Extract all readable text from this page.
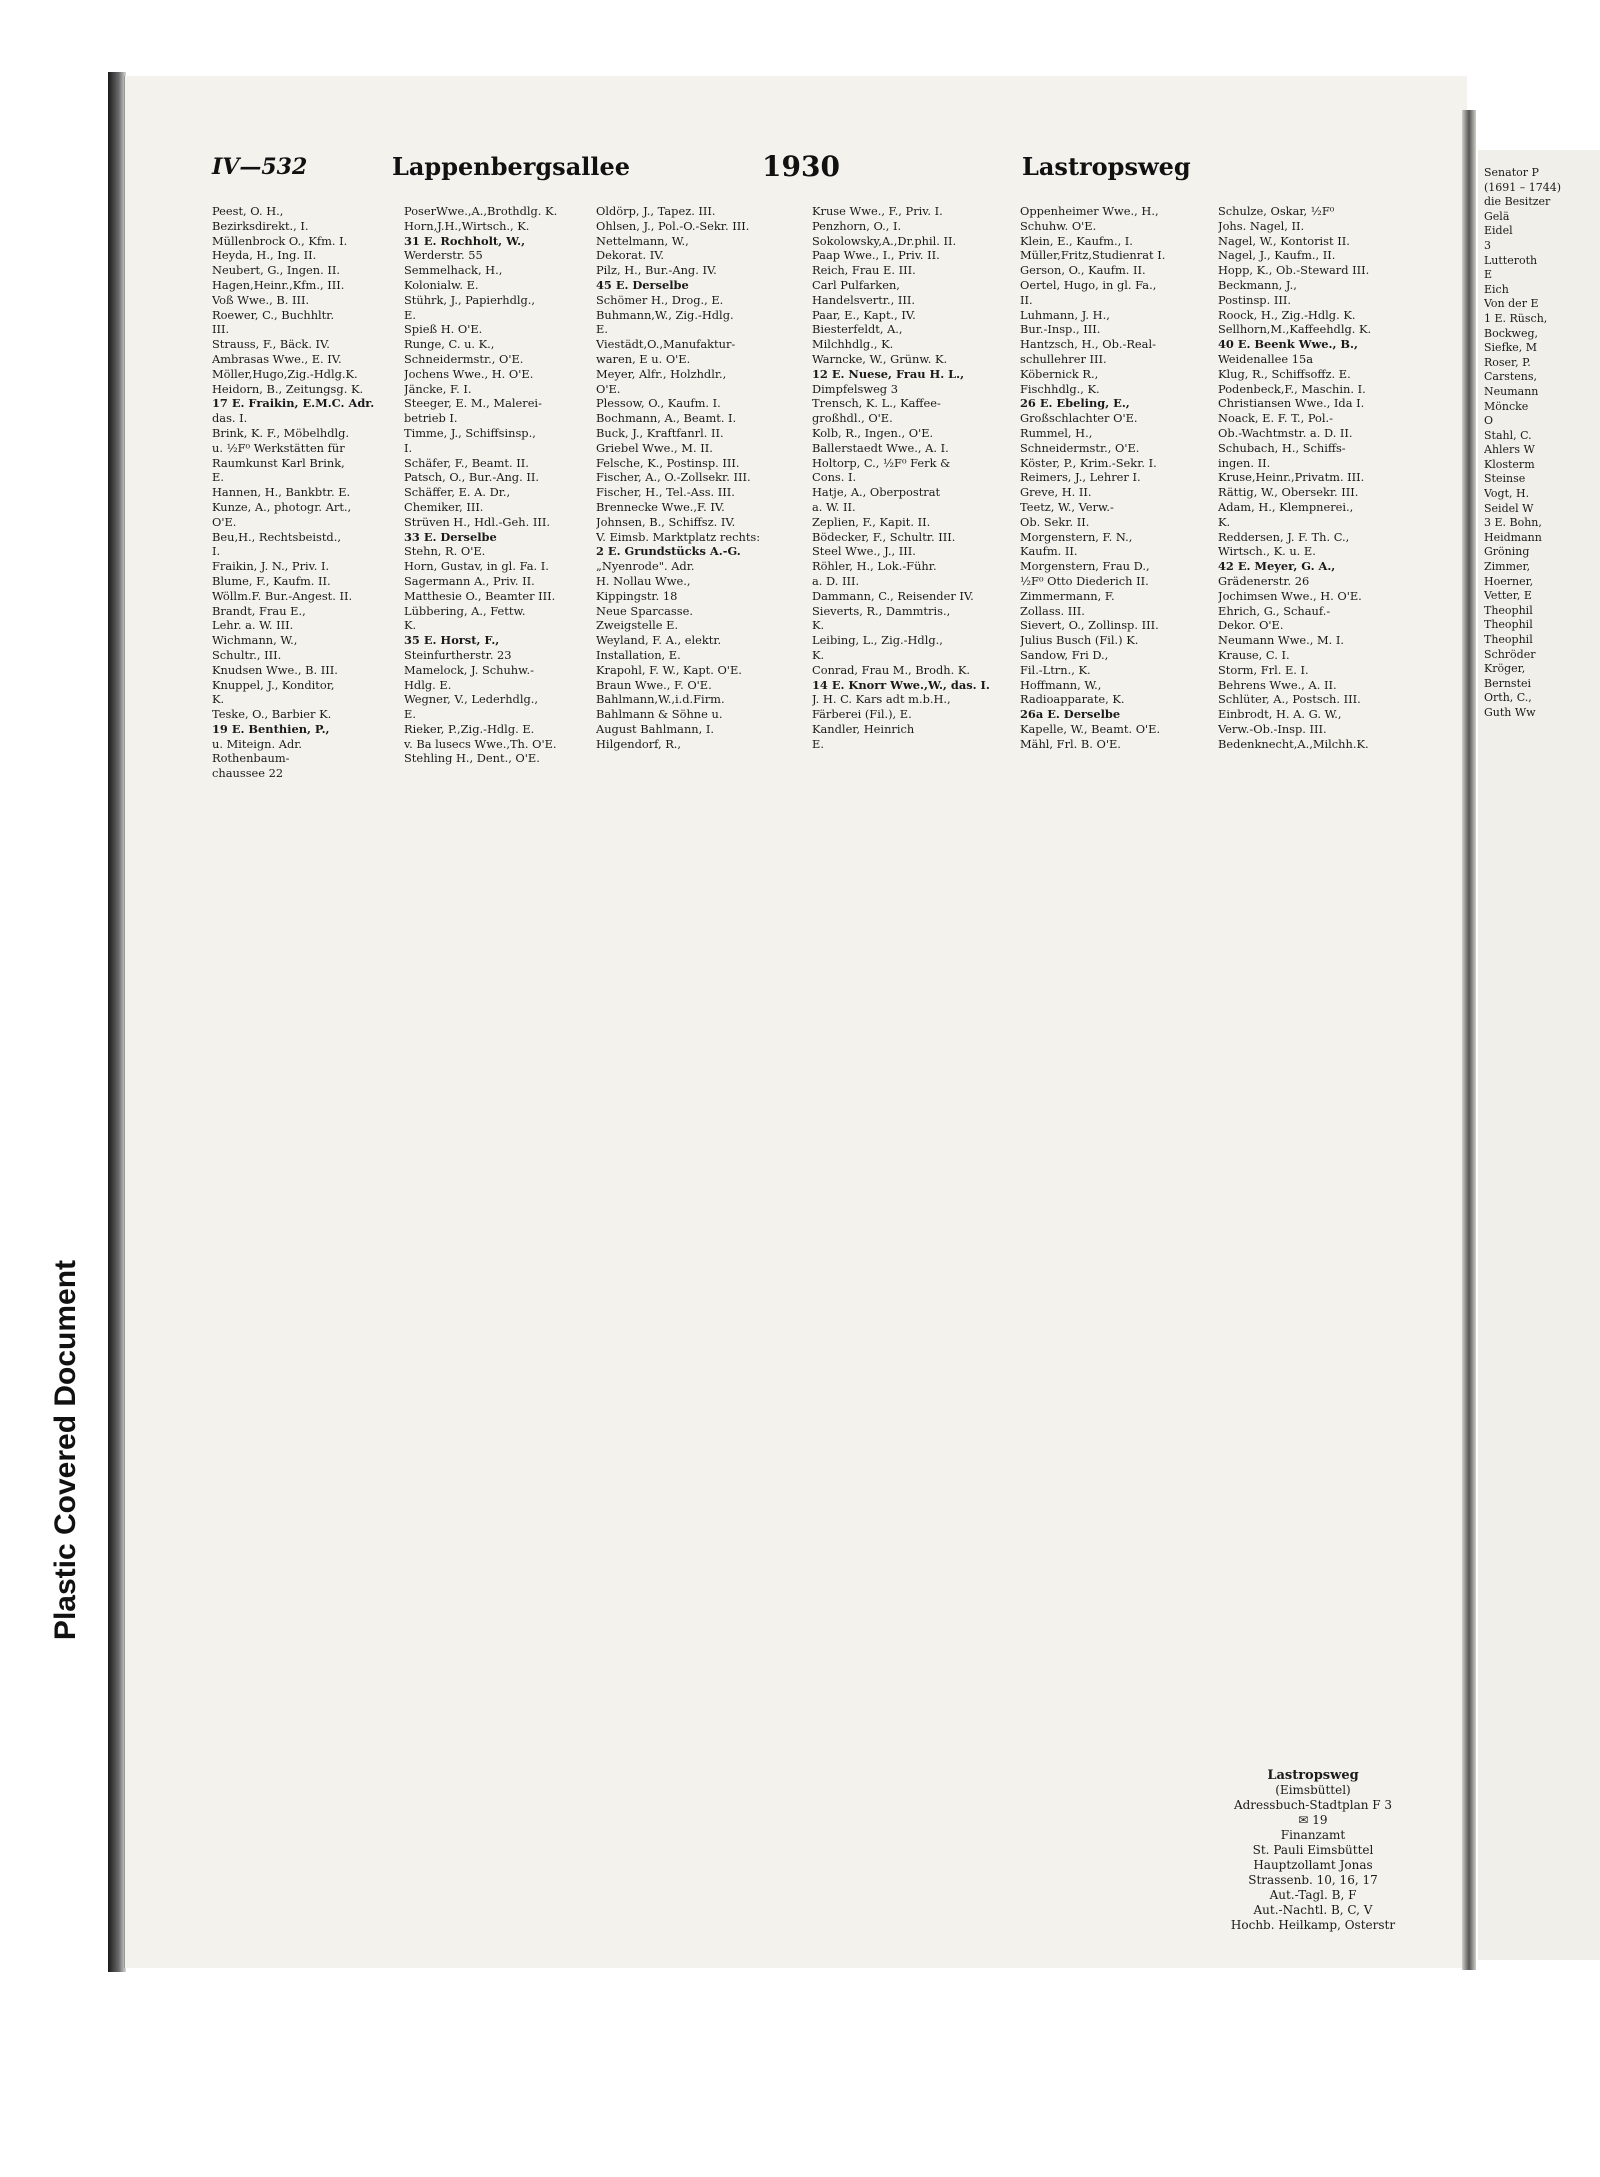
Plastic Covered Document
Senator P
(1691 – 1744)
die Besitzer
Gelä
Eidel
3
Lutteroth
E
Eich
Von der E
1 E. Rüsch,
Bockweg,
Siefke, M
Roser, P.
Carstens,
Neumann
Möncke
O
Stahl, C.
Ahlers W
Klosterm
Steinse
Vogt, H.
Seidel W
3 E. Bohn,
Heidmann
Gröning
Zimmer,
Hoerner,
Vetter, E
Theophil
Theophil
Theophil
Schröder
Kröger,
Bernstei
Orth, C.,
Guth Ww
IV—532	Lappenbergsallee	1930	Lastropsweg
Peest, O. H.,
Bezirksdirekt., I.
Müllenbrock O., Kfm. I.
Heyda, H., Ing. II.
Neubert, G., Ingen. II.
Hagen,Heinr.,Kfm., III.
Voß Wwe., B. III.
Roewer, C., Buchhltr.
III.
Strauss, F., Bäck. IV.
Ambrasas Wwe., E. IV.
Möller,Hugo,Zig.-Hdlg.K.
Heidorn, B., Zeitungsg. K.
17 E. Fraikin, E.M.C. Adr.
das. I.
Brink, K. F., Möbelhdlg.
u. ½F⁰ Werkstätten für
Raumkunst Karl Brink,
E.
Hannen, H., Bankbtr. E.
Kunze, A., photogr. Art.,
O'E.
Beu,H., Rechtsbeistd.,
I.
Fraikin, J. N., Priv. I.
Blume, F., Kaufm. II.
Wöllm.F. Bur.-Angest. II.
Brandt, Frau E.,
Lehr. a. W. III.
Wichmann, W.,
Schultr., III.
Knudsen Wwe., B. III.
Knuppel, J., Konditor,
K.
Teske, O., Barbier K.
19 E. Benthien, P.,
u. Miteign. Adr.
Rothenbaum-
chaussee 22
PoserWwe.,A.,Brothdlg. K.
Horn,J.H.,Wirtsch., K.
31 E. Rochholt, W.,
Werderstr. 55
Semmelhack, H.,
Kolonialw. E.
Stührk, J., Papierhdlg.,
E.
Spieß H. O'E.
Runge, C. u. K.,
Schneidermstr., O'E.
Jochens Wwe., H. O'E.
Jäncke, F. I.
Steeger, E. M., Malerei-
betrieb I.
Timme, J., Schiffsinsp.,
I.
Schäfer, F., Beamt. II.
Patsch, O., Bur.-Ang. II.
Schäffer, E. A. Dr.,
Chemiker, III.
Strüven H., Hdl.-Geh. III.
33 E. Derselbe
Stehn, R. O'E.
Horn, Gustav, in gl. Fa. I.
Sagermann A., Priv. II.
Matthesie O., Beamter III.
Lübbering, A., Fettw.
K.
35 E. Horst, F.,
Steinfurtherstr. 23
Mamelock, J. Schuhw.-
Hdlg. E.
Wegner, V., Lederhdlg.,
E.
Rieker, P.,Zig.-Hdlg. E.
v. Ba lusecs Wwe.,Th. O'E.
Stehling H., Dent., O'E.
Oldörp, J., Tapez. III.
Ohlsen, J., Pol.-O.-Sekr. III.
Nettelmann, W.,
Dekorat. IV.
Pilz, H., Bur.-Ang. IV.
45 E. Derselbe
Schömer H., Drog., E.
Buhmann,W., Zig.-Hdlg.
E.
Viestädt,O.,Manufaktur-
waren, E u. O'E.
Meyer, Alfr., Holzhdlr.,
O'E.
Plessow, O., Kaufm. I.
Bochmann, A., Beamt. I.
Buck, J., Kraftfanrl. II.
Griebel Wwe., M. II.
Felsche, K., Postinsp. III.
Fischer, A., O.-Zollsekr. III.
Fischer, H., Tel.-Ass. III.
Brennecke Wwe.,F. IV.
Johnsen, B., Schiffsz. IV.
V. Eimsb. Marktplatz rechts:
2 E. Grundstücks A.-G.
„Nyenrode". Adr.
H. Nollau Wwe.,
Kippingstr. 18
Neue Sparcasse.
Zweigstelle E.
Weyland, F. A., elektr.
Installation, E.
Krapohl, F. W., Kapt. O'E.
Braun Wwe., F. O'E.
Bahlmann,W.,i.d.Firm.
Bahlmann & Söhne u.
August Bahlmann, I.
Hilgendorf, R.,
Kruse Wwe., F., Priv. I.
Penzhorn, O., I.
Sokolowsky,A.,Dr.phil. II.
Paap Wwe., I., Priv. II.
Reich, Frau E. III.
Carl Pulfarken,
Handelsvertr., III.
Paar, E., Kapt., IV.
Biesterfeldt, A.,
Milchhdlg., K.
Warncke, W., Grünw. K.
12 E. Nuese, Frau H. L.,
Dimpfelsweg 3
Trensch, K. L., Kaffee-
großhdl., O'E.
Kolb, R., Ingen., O'E.
Ballerstaedt Wwe., A. I.
Holtorp, C., ½F⁰ Ferk &
Cons. I.
Hatje, A., Oberpostrat
a. W. II.
Zeplien, F., Kapit. II.
Bödecker, F., Schultr. III.
Steel Wwe., J., III.
Röhler, H., Lok.-Führ.
a. D. III.
Dammann, C., Reisender IV.
Sieverts, R., Dammtris.,
K.
Leibing, L., Zig.-Hdlg.,
K.
Conrad, Frau M., Brodh. K.
14 E. Knorr Wwe.,W., das. I.
J. H. C. Kars adt m.b.H.,
Färberei (Fil.), E.
Kandler, Heinrich
E.
Oppenheimer Wwe., H.,
Schuhw. O'E.
Klein, E., Kaufm., I.
Müller,Fritz,Studienrat I.
Gerson, O., Kaufm. II.
Oertel, Hugo, in gl. Fa.,
II.
Luhmann, J. H.,
Bur.-Insp., III.
Hantzsch, H., Ob.-Real-
schullehrer III.
Köbernick R.,
Fischhdlg., K.
26 E. Ebeling, E.,
Großschlachter O'E.
Rummel, H.,
Schneidermstr., O'E.
Köster, P., Krim.-Sekr. I.
Reimers, J., Lehrer I.
Greve, H. II.
Teetz, W., Verw.-
Ob. Sekr. II.
Morgenstern, F. N.,
Kaufm. II.
Morgenstern, Frau D.,
½F⁰ Otto Diederich II.
Zimmermann, F.
Zollass. III.
Sievert, O., Zollinsp. III.
Julius Busch (Fil.) K.
Sandow, Fri D.,
Fil.-Ltrn., K.
Hoffmann, W.,
Radioapparate, K.
26a E. Derselbe
Kapelle, W., Beamt. O'E.
Mähl, Frl. B. O'E.
Schulze, Oskar, ½F⁰
Johs. Nagel, II.
Nagel, W., Kontorist II.
Nagel, J., Kaufm., II.
Hopp, K., Ob.-Steward III.
Beckmann, J.,
Postinsp. III.
Roock, H., Zig.-Hdlg. K.
Sellhorn,M.,Kaffeehdlg. K.
40 E. Beenk Wwe., B.,
Weidenallee 15a
Klug, R., Schiffsoffz. E.
Podenbeck,F., Maschin. I.
Christiansen Wwe., Ida I.
Noack, E. F. T., Pol.-
Ob.-Wachtmstr. a. D. II.
Schubach, H., Schiffs-
ingen. II.
Kruse,Heinr.,Privatm. III.
Rättig, W., Obersekr. III.
Adam, H., Klempnerei.,
K.
Reddersen, J. F. Th. C.,
Wirtsch., K. u. E.
42 E. Meyer, G. A.,
Grädenerstr. 26
Jochimsen Wwe., H. O'E.
Ehrich, G., Schauf.-
Dekor. O'E.
Neumann Wwe., M. I.
Krause, C. I.
Storm, Frl. E. I.
Behrens Wwe., A. II.
Schlüter, A., Postsch. III.
Einbrodt, H. A. G. W.,
Verw.-Ob.-Insp. III.
Bedenknecht,A.,Milchh.K.
Lastropsweg
(Eimsbüttel)
Adressbuch-Stadtplan F 3
✉ 19
Finanzamt
St. Pauli Eimsbüttel
Hauptzollamt Jonas
Strassenb. 10, 16, 17
Aut.-Tagl. B, F
Aut.-Nachtl. B, C, V
Hochb. Heilkamp, Osterstr
